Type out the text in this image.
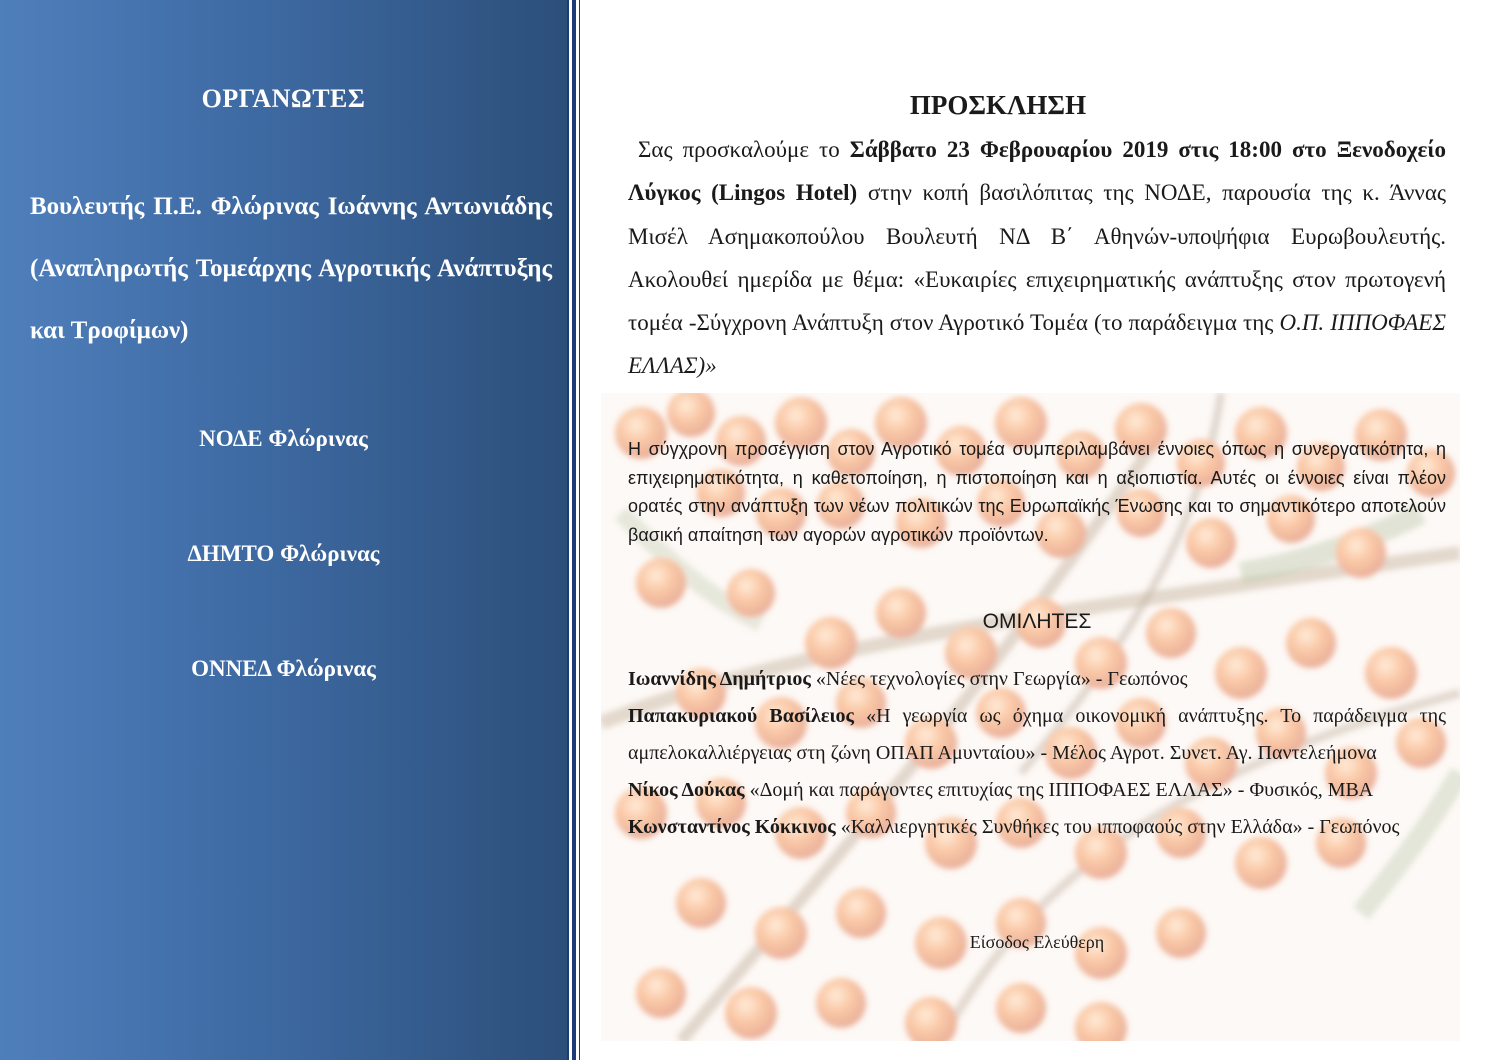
ΟΡΓΑΝΩΤΕΣ
Βουλευτής Π.Ε. Φλώρινας Ιωάννης Αντωνιάδης (Αναπληρωτής Τομεάρχης Αγροτικής Ανάπτυξης και Τροφίμων)
ΝΟΔΕ Φλώρινας
ΔΗΜΤΟ Φλώρινας
ΟΝΝΕΔ Φλώρινας
ΠΡΟΣΚΛΗΣΗ
Σας προσκαλούμε το Σάββατο 23 Φεβρουαρίου 2019 στις 18:00 στο Ξενοδοχείο Λύγκος (Lingos Hotel) στην κοπή βασιλόπιτας της ΝΟΔΕ, παρουσία της κ. Άννας Μισέλ Ασημακοπούλου Βουλευτή ΝΔ Β΄ Αθηνών-υποψήφια Ευρωβουλευτής. Ακολουθεί ημερίδα με θέμα: «Ευκαιρίες επιχειρηματικής ανάπτυξης στον πρωτογενή τομέα -Σύγχρονη Ανάπτυξη στον Αγροτικό Τομέα (το παράδειγμα της Ο.Π. ΙΠΠΟΦΑΕΣ ΕΛΛΑΣ)»
Η σύγχρονη προσέγγιση στον Αγροτικό τομέα συμπεριλαμβάνει έννοιες όπως η συνεργατικότητα, η επιχειρηματικότητα, η καθετοποίηση, η πιστοποίηση και η αξιοπιστία. Αυτές οι έννοιες είναι πλέον ορατές στην ανάπτυξη των νέων πολιτικών της Ευρωπαϊκής Ένωσης και το σημαντικότερο αποτελούν βασική απαίτηση των αγορών αγροτικών προϊόντων.
ΟΜΙΛΗΤΕΣ
Ιωαννίδης Δημήτριος «Νέες τεχνολογίες στην Γεωργία» - Γεωπόνος
Παπακυριακού Βασίλειος «Η γεωργία ως όχημα οικονομική ανάπτυξης. Το παράδειγμα της αμπελοκαλλιέργειας στη ζώνη ΟΠΑΠ Αμυνταίου» - Μέλος Αγροτ. Συνετ. Αγ. Παντελεήμονα
Νίκος Δούκας «Δομή και παράγοντες επιτυχίας της ΙΠΠΟΦΑΕΣ ΕΛΛΑΣ» - Φυσικός, ΜΒΑ
Κωνσταντίνος Κόκκινος «Καλλιεργητικές Συνθήκες του ιπποφαούς στην Ελλάδα» - Γεωπόνος
Είσοδος Ελεύθερη
